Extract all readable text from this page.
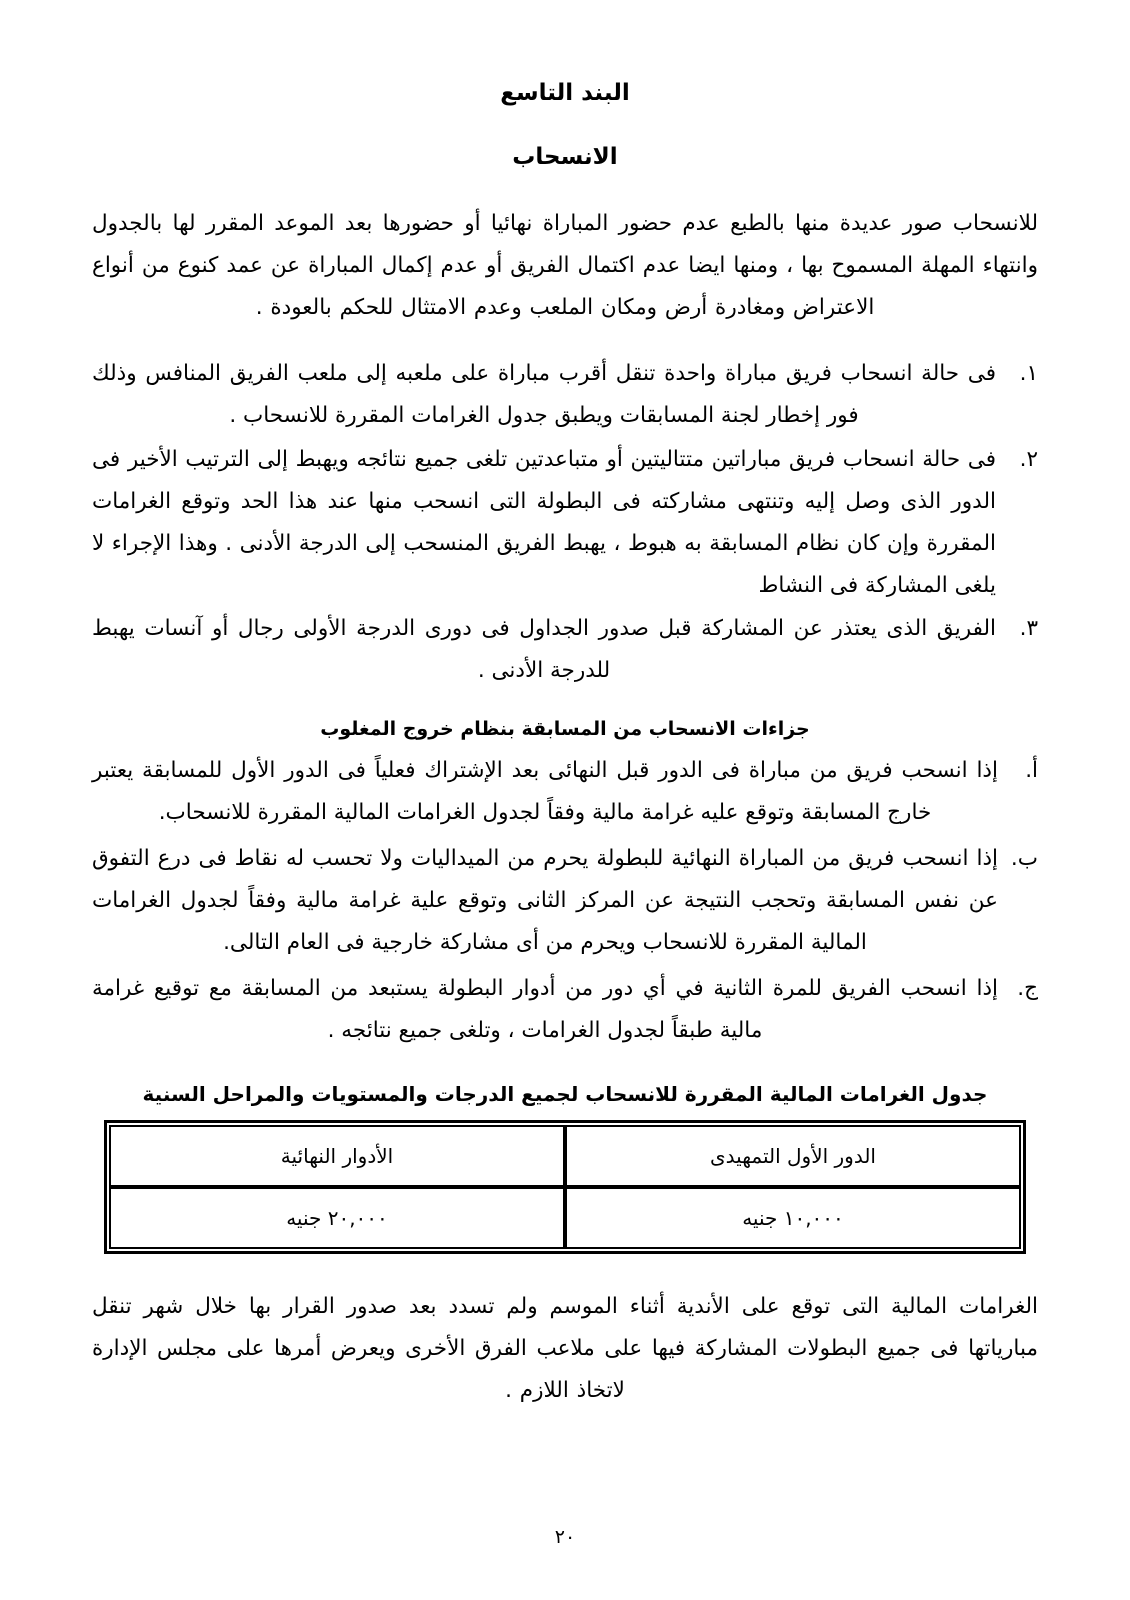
البند التاسع
الانسحاب

للانسحاب صور عديدة منها بالطبع عدم حضور المباراة نهائيا أو حضورها بعد الموعد المقرر لها بالجدول وانتهاء المهلة المسموح بها ، ومنها ايضا عدم اكتمال الفريق أو عدم إكمال المباراة عن عمد كنوع من أنواع الاعتراض ومغادرة أرض ومكان الملعب وعدم الامتثال للحكم بالعودة .

١.
فى حالة انسحاب فريق مباراة واحدة تنقل أقرب مباراة على ملعبه إلى ملعب الفريق المنافس وذلك فور إخطار لجنة المسابقات ويطبق جدول الغرامات المقررة للانسحاب .
٢.
فى حالة انسحاب فريق مباراتين متتاليتين أو متباعدتين تلغى جميع نتائجه ويهبط إلى الترتيب الأخير فى الدور الذى وصل إليه وتنتهى مشاركته فى البطولة التى انسحب منها عند هذا الحد وتوقع الغرامات المقررة وإن كان نظام المسابقة به هبوط ، يهبط الفريق المنسحب إلى الدرجة الأدنى . وهذا الإجراء لا يلغى المشاركة فى النشاط
٣.
الفريق الذى يعتذر عن المشاركة قبل صدور الجداول فى دورى الدرجة الأولى رجال أو آنسات يهبط للدرجة الأدنى .

جزاءات الانسحاب من المسابقة بنظام خروج المغلوب

أ.
إذا انسحب فريق من مباراة فى الدور قبل النهائى بعد الإشتراك فعلياً فى الدور الأول للمسابقة يعتبر خارج المسابقة وتوقع عليه غرامة مالية وفقاً لجدول الغرامات المالية المقررة للانسحاب.
ب.
إذا انسحب فريق من المباراة النهائية للبطولة يحرم من الميداليات ولا تحسب له نقاط فى درع التفوق عن نفس المسابقة وتحجب النتيجة عن المركز الثانى وتوقع علية غرامة مالية وفقاً لجدول الغرامات المالية المقررة للانسحاب ويحرم من أى مشاركة خارجية فى العام التالى.
ج.
إذا انسحب الفريق للمرة الثانية في أي دور من أدوار البطولة يستبعد من المسابقة مع توقيع غرامة مالية طبقاً لجدول الغرامات ، وتلغى جميع نتائجه .

جدول الغرامات المالية المقررة للانسحاب لجميع الدرجات والمستويات والمراحل السنية

الدور الأول التمهيدى	الأدوار النهائية
١٠,٠٠٠ جنيه	٢٠,٠٠٠ جنيه

الغرامات المالية التى توقع على الأندية أثناء الموسم ولم تسدد بعد صدور القرار بها خلال شهر تنقل مبارياتها فى جميع البطولات المشاركة فيها على ملاعب الفرق الأخرى ويعرض أمرها على مجلس الإدارة لاتخاذ اللازم .

٢٠
